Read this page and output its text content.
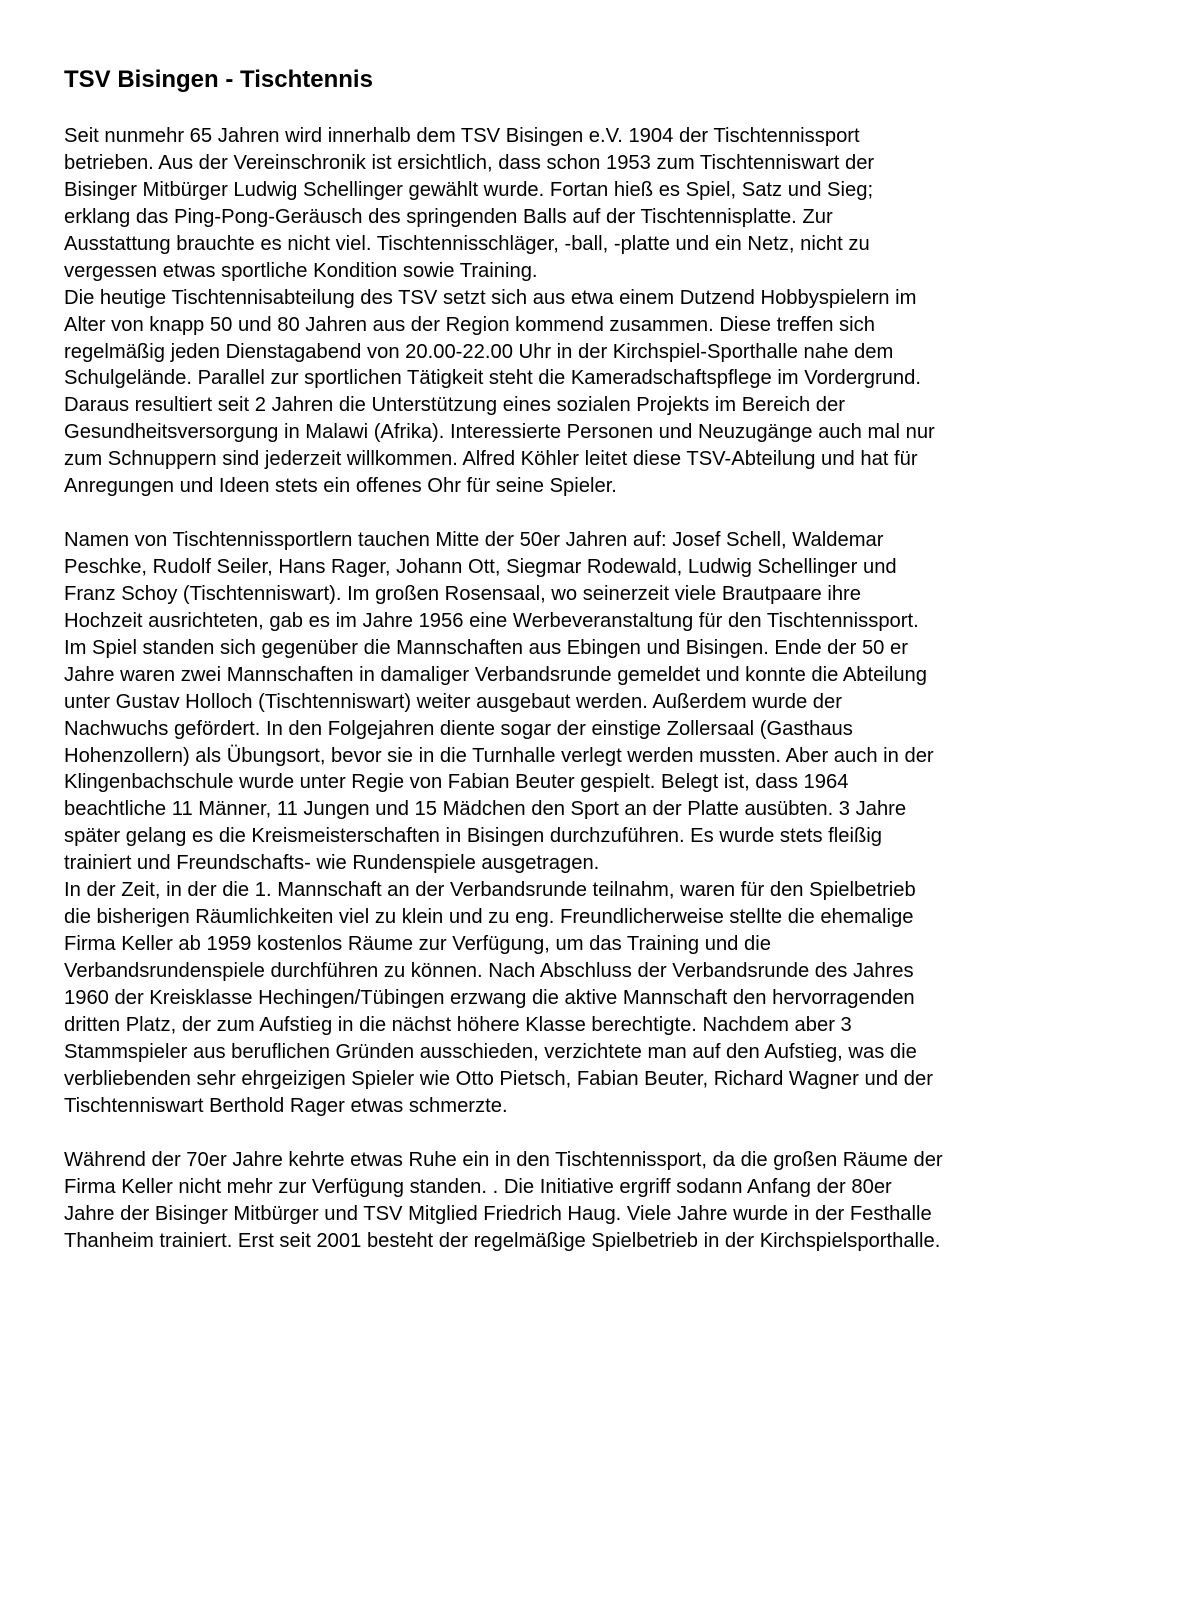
TSV Bisingen - Tischtennis

Seit nunmehr 65 Jahren wird innerhalb dem TSV Bisingen e.V. 1904 der Tischtennissport
betrieben. Aus der Vereinschronik ist ersichtlich, dass schon 1953 zum Tischtenniswart der
Bisinger Mitbürger Ludwig Schellinger gewählt wurde. Fortan hieß es Spiel, Satz und Sieg;
erklang das Ping-Pong-Geräusch des springenden Balls auf der Tischtennisplatte. Zur
Ausstattung brauchte es nicht viel. Tischtennisschläger, -ball, -platte und ein Netz, nicht zu
vergessen etwas sportliche Kondition sowie Training.
Die heutige Tischtennisabteilung des TSV setzt sich aus etwa einem Dutzend Hobbyspielern im
Alter von knapp 50 und 80 Jahren aus der Region kommend zusammen. Diese treffen sich
regelmäßig jeden Dienstagabend von 20.00-22.00 Uhr in der Kirchspiel-Sporthalle nahe dem
Schulgelände. Parallel zur sportlichen Tätigkeit steht die Kameradschaftspflege im Vordergrund.
Daraus resultiert seit 2 Jahren die Unterstützung eines sozialen Projekts im Bereich der
Gesundheitsversorgung in Malawi (Afrika). Interessierte Personen und Neuzugänge auch mal nur
zum Schnuppern sind jederzeit willkommen. Alfred Köhler leitet diese TSV-Abteilung und hat für
Anregungen und Ideen stets ein offenes Ohr für seine Spieler.

Namen von Tischtennissportlern tauchen Mitte der 50er Jahren auf: Josef Schell, Waldemar
Peschke, Rudolf Seiler, Hans Rager, Johann Ott, Siegmar Rodewald, Ludwig Schellinger und
Franz Schoy (Tischtenniswart). Im großen Rosensaal, wo seinerzeit viele Brautpaare ihre
Hochzeit ausrichteten, gab es im Jahre 1956 eine Werbeveranstaltung für den Tischtennissport.
Im Spiel standen sich gegenüber die Mannschaften aus Ebingen und Bisingen. Ende der 50 er
Jahre waren zwei Mannschaften in damaliger Verbandsrunde gemeldet und konnte die Abteilung
unter Gustav Holloch (Tischtenniswart) weiter ausgebaut werden. Außerdem wurde der
Nachwuchs gefördert. In den Folgejahren diente sogar der einstige Zollersaal (Gasthaus
Hohenzollern) als Übungsort, bevor sie in die Turnhalle verlegt werden mussten. Aber auch in der
Klingenbachschule wurde unter Regie von Fabian Beuter gespielt. Belegt ist, dass 1964
beachtliche 11 Männer, 11 Jungen und 15 Mädchen den Sport an der Platte ausübten. 3 Jahre
später gelang es die Kreismeisterschaften in Bisingen durchzuführen. Es wurde stets fleißig
trainiert und Freundschafts- wie Rundenspiele ausgetragen.
In der Zeit, in der die 1. Mannschaft an der Verbandsrunde teilnahm, waren für den Spielbetrieb
die bisherigen Räumlichkeiten viel zu klein und zu eng. Freundlicherweise stellte die ehemalige
Firma Keller ab 1959 kostenlos Räume zur Verfügung, um das Training und die
Verbandsrundenspiele durchführen zu können. Nach Abschluss der Verbandsrunde des Jahres
1960 der Kreisklasse Hechingen/Tübingen erzwang die aktive Mannschaft den hervorragenden
dritten Platz, der zum Aufstieg in die nächst höhere Klasse berechtigte. Nachdem aber 3
Stammspieler aus beruflichen Gründen ausschieden, verzichtete man auf den Aufstieg, was die
verbliebenden sehr ehrgeizigen Spieler wie Otto Pietsch, Fabian Beuter, Richard Wagner und der
Tischtenniswart Berthold Rager etwas schmerzte.

Während der 70er Jahre kehrte etwas Ruhe ein in den Tischtennissport, da die großen Räume der
Firma Keller nicht mehr zur Verfügung standen. . Die Initiative ergriff sodann Anfang der 80er
Jahre der Bisinger Mitbürger und TSV Mitglied Friedrich Haug. Viele Jahre wurde in der Festhalle
Thanheim trainiert. Erst seit 2001 besteht der regelmäßige Spielbetrieb in der Kirchspielsporthalle.
